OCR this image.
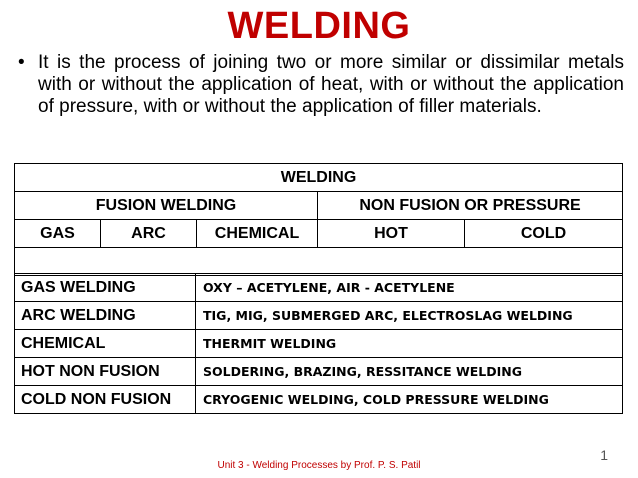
WELDING
• It is the process of joining two or more similar or dissimilar metals with or without the application of heat, with or without the application of pressure, with or without the application of filler materials.
WELDING				
FUSION WELDING			NON FUSION OR PRESSURE	
GAS	ARC	CHEMICAL	HOT	COLD

GAS WELDING	OXY – ACETYLENE, AIR - ACETYLENE
ARC WELDING	TIG, MIG, SUBMERGED ARC, ELECTROSLAG WELDING
CHEMICAL	THERMIT WELDING
HOT NON FUSION	SOLDERING, BRAZING, RESSITANCE WELDING
COLD NON FUSION	CRYOGENIC WELDING, COLD PRESSURE WELDING
1
Unit 3 - Welding Processes by Prof. P. S. Patil
